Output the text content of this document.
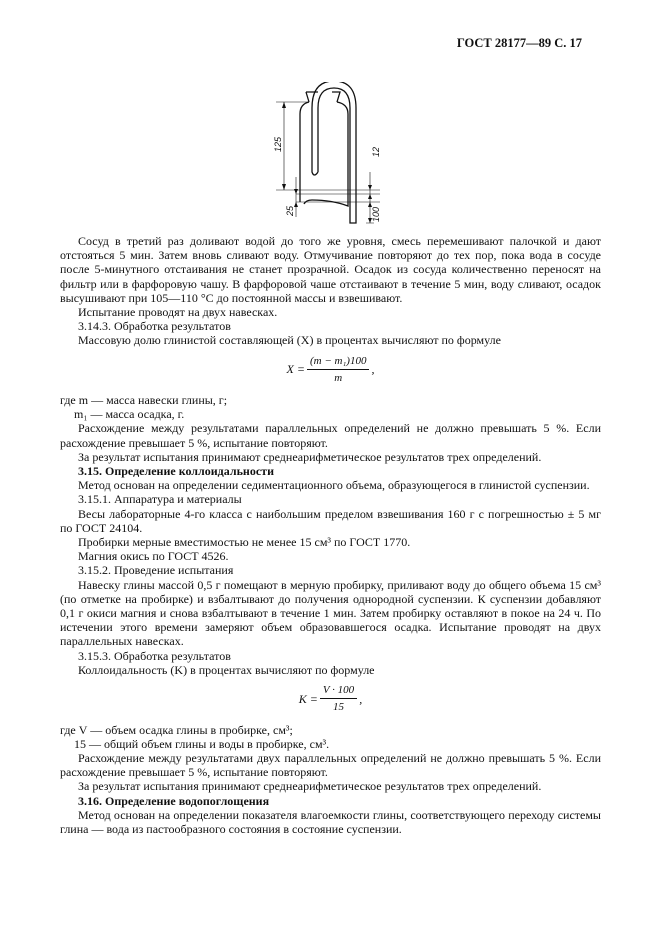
ГОСТ 28177—89 С. 17
125	12
25	100

Сосуд в третий раз доливают водой до того же уровня, смесь перемешивают палочкой и дают отстояться 5 мин. Затем вновь сливают воду. Отмучивание повторяют до тех пор, пока вода в сосуде после 5-минутного отстаивания не станет прозрачной. Осадок из сосуда количественно переносят на фильтр или в фарфоровую чашу. В фарфоровой чаше отстаивают в течение 5 мин, воду сливают, осадок высушивают при 105—110 °С до постоянной массы и взвешивают.

Испытание проводят на двух навесках.

3.14.3. Обработка результатов

Массовую долю глинистой составляющей (X) в процентах вычисляют по формуле

$X = \frac{\text{(m − m₁)100}}{m}$ ,

где m — масса навески глины, г;

m₁ — масса осадка, г.

Расхождение между результатами параллельных определений не должно превышать 5 %. Если расхождение превышает 5 %, испытание повторяют.

За результат испытания принимают среднеарифметическое результатов трех определений.

3.15. Определение коллоидальности

Метод основан на определении седиментационного объема, образующегося в глинистой суспензии.

3.15.1. Аппаратура и материалы

Весы лабораторные 4-го класса с наибольшим пределом взвешивания 160 г с погрешностью ± 5 мг по ГОСТ 24104.

Пробирки мерные вместимостью не менее 15 см³ по ГОСТ 1770.

Магния окись по ГОСТ 4526.

3.15.2. Проведение испытания

Навеску глины массой 0,5 г помещают в мерную пробирку, приливают воду до общего объема 15 см³ (по отметке на пробирке) и взбалтывают до получения однородной суспензии. К суспензии добавляют 0,1 г окиси магния и снова взбалтывают в течение 1 мин. Затем пробирку оставляют в покое на 24 ч. По истечении этого времени замеряют объем образовавшегося осадка. Испытание проводят на двух параллельных навесках.

3.15.3. Обработка результатов

Коллоидальность (K) в процентах вычисляют по формуле

$K = \frac{V \cdot 100}{15}$ ,

где V — объем осадка глины в пробирке, см³;

15 — общий объем глины и воды в пробирке, см³.

Расхождение между результатами двух параллельных определений не должно превышать 5 %. Если расхождение превышает 5 %, испытание повторяют.

За результат испытания принимают среднеарифметическое результатов трех определений.

3.16. Определение водопоглощения

Метод основан на определении показателя влагоемкости глины, соответствующего переходу системы глина — вода из пастообразного состояния в состояние суспензии.
